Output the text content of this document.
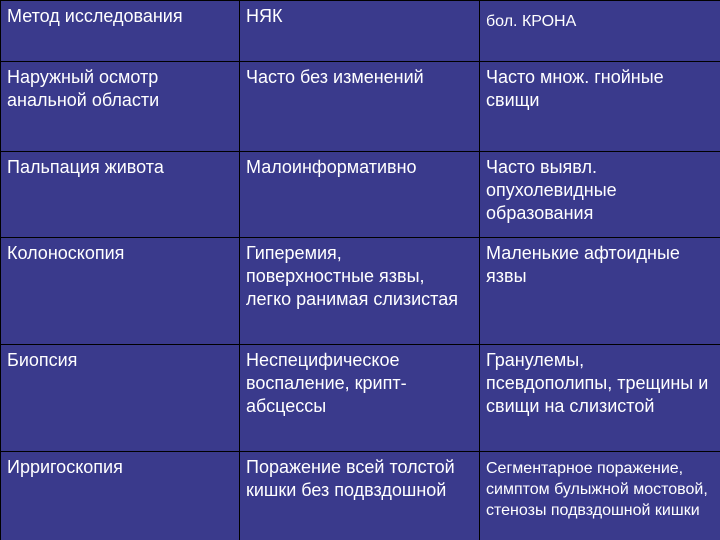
Метод исследования	НЯК	бол. КРОНА
Наружный осмотр анальной области	Часто без изменений	Часто множ. гнойные свищи
Пальпация живота	Малоинформативно	Часто выявл. опухолевидные образования
Колоноскопия	Гиперемия, поверхностные язвы, легко ранимая слизистая	Маленькие афтоидные язвы
Биопсия	Неспецифическое воспаление, крипт-абсцессы	Гранулемы, псевдополипы, трещины и свищи на слизистой
Ирригоскопия	Поражение всей толстой кишки без подвздошной	Сегментарное поражение, симптом булыжной мостовой, стенозы подвздошной кишки
